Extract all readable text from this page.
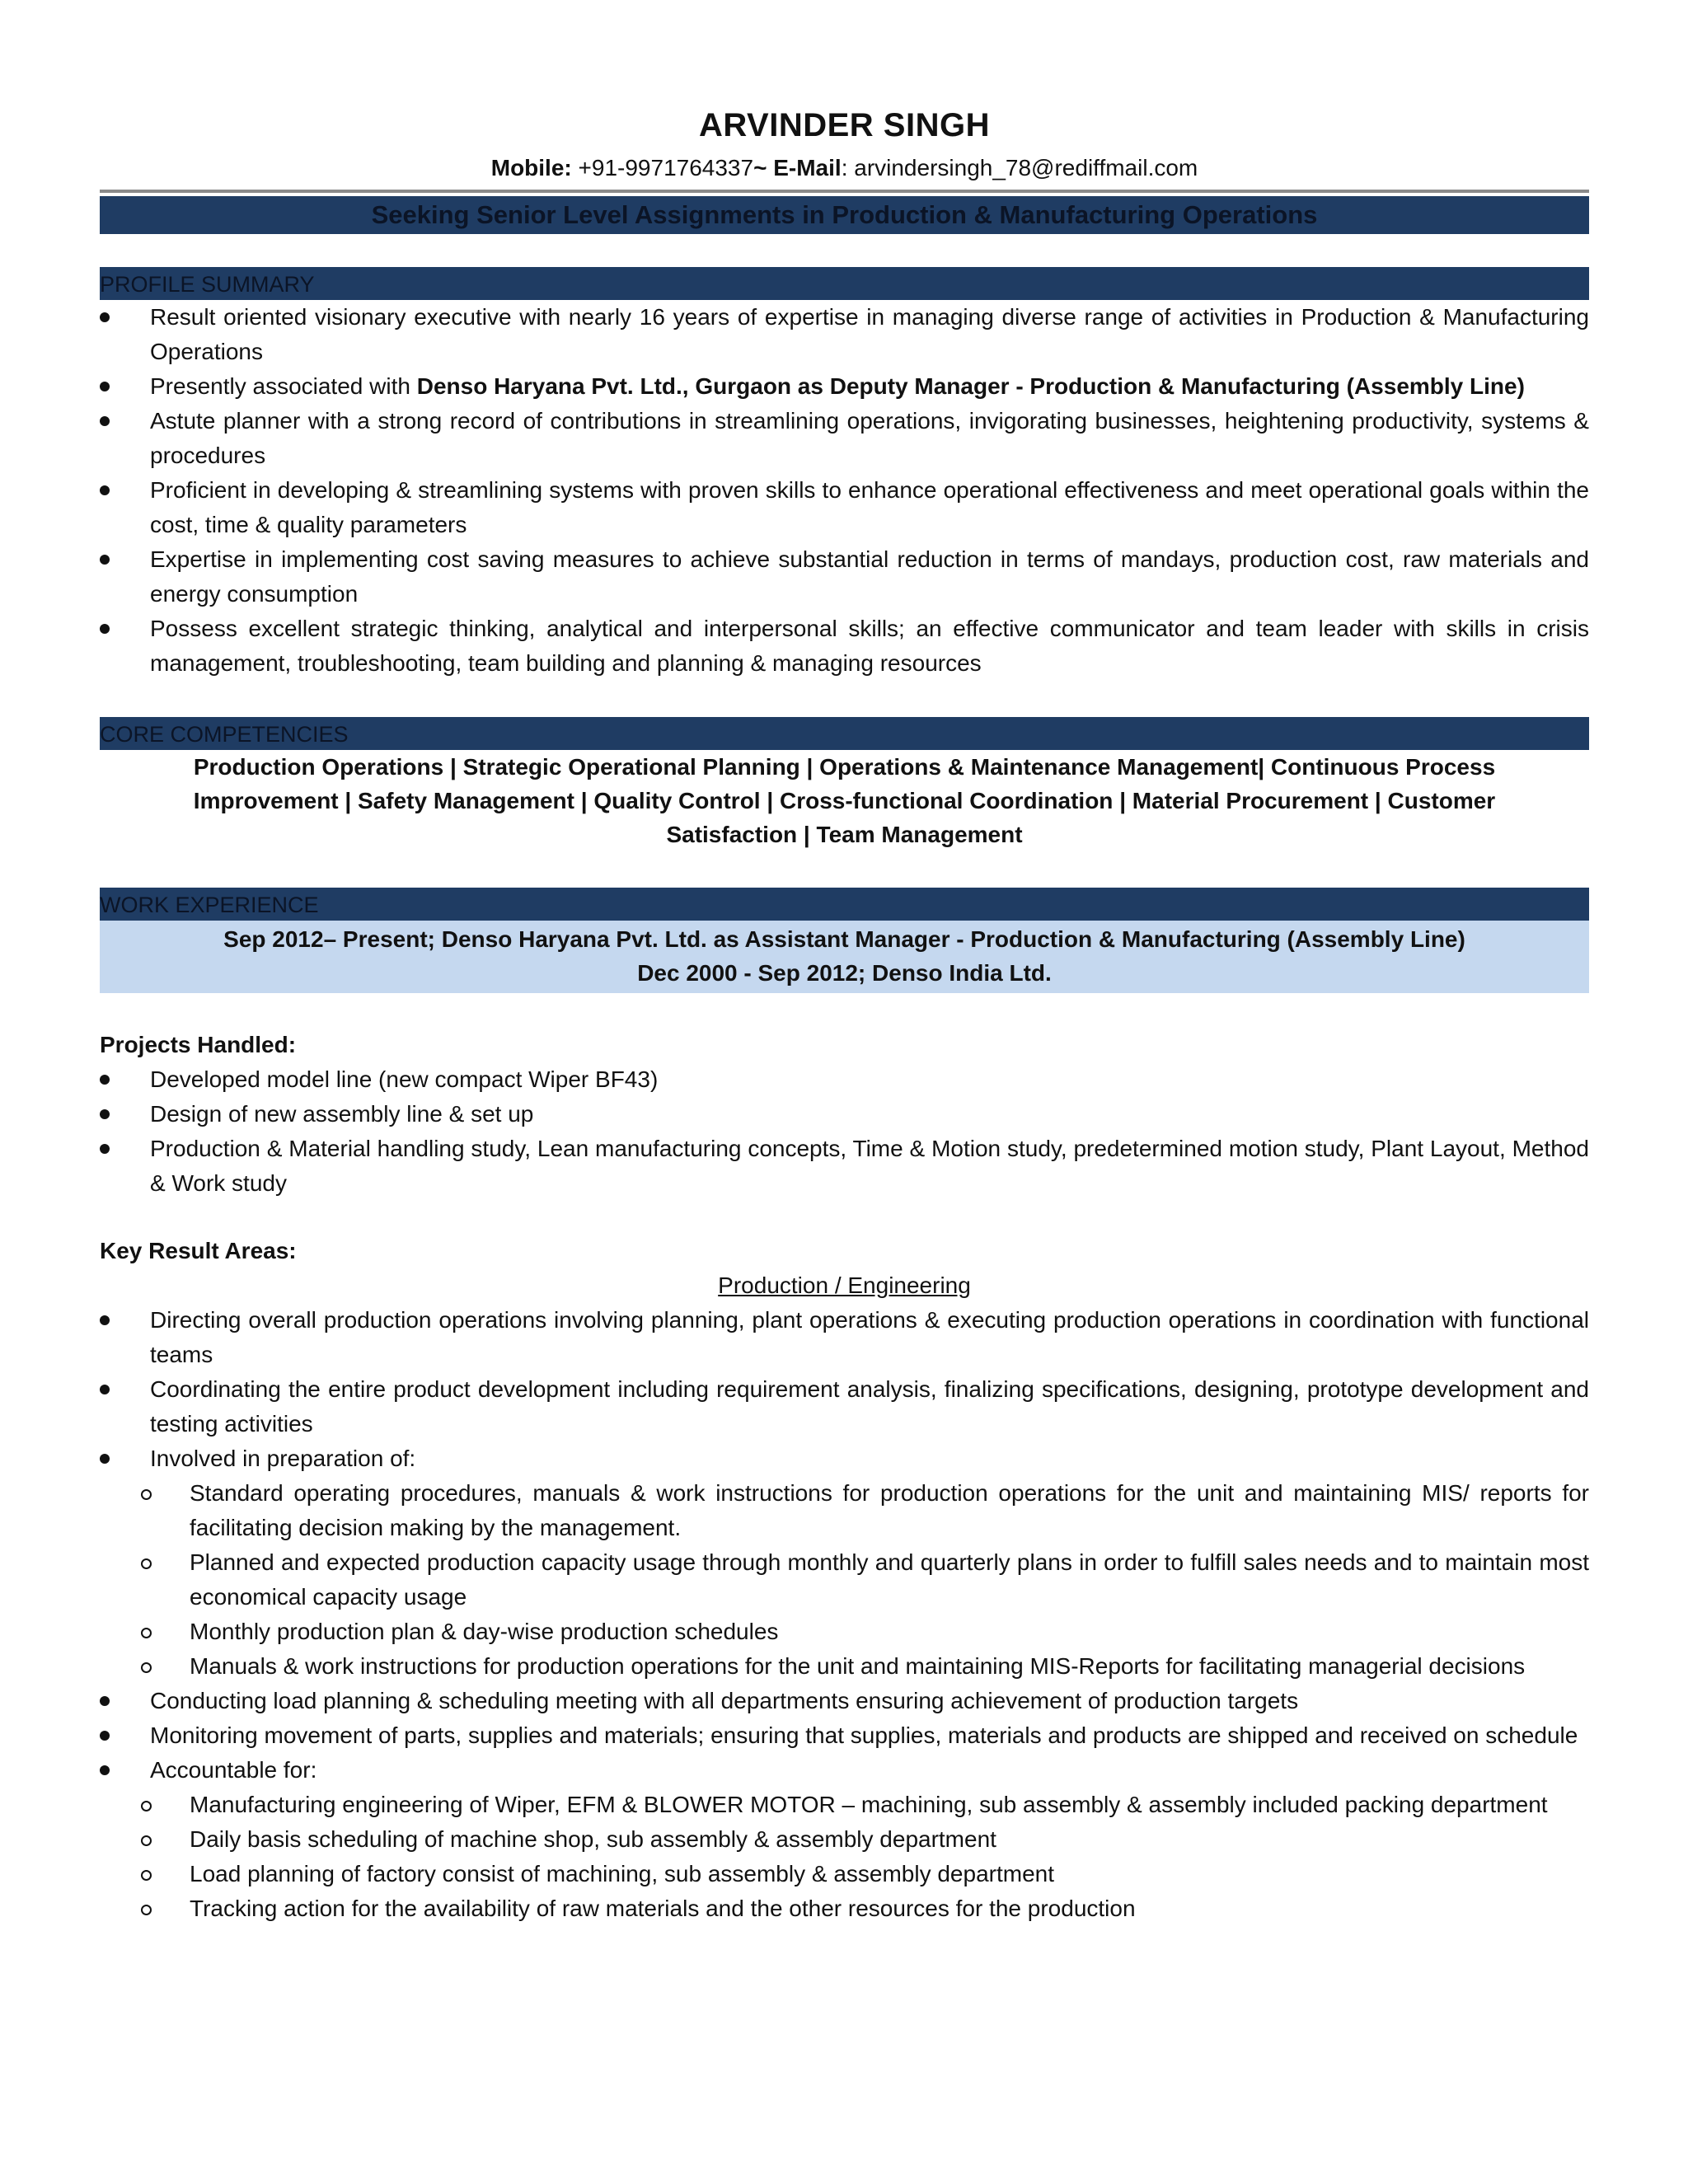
ARVINDER SINGH
Mobile: +91-9971764337~ E-Mail: arvindersingh_78@rediffmail.com
Seeking Senior Level Assignments in Production & Manufacturing Operations
PROFILE SUMMARY
Result oriented visionary executive with nearly 16 years of expertise in managing diverse range of activities in Production & Manufacturing Operations
Presently associated with Denso Haryana Pvt. Ltd., Gurgaon as Deputy Manager - Production & Manufacturing (Assembly Line)
Astute planner with a strong record of contributions in streamlining operations, invigorating businesses, heightening productivity, systems & procedures
Proficient in developing & streamlining systems with proven skills to enhance operational effectiveness and meet operational goals within the cost, time & quality parameters
Expertise in implementing cost saving measures to achieve substantial reduction in terms of mandays, production cost, raw materials and energy consumption
Possess excellent strategic thinking, analytical and interpersonal skills; an effective communicator and team leader with skills in crisis management, troubleshooting, team building and planning & managing resources
CORE COMPETENCIES
Production Operations | Strategic Operational Planning | Operations & Maintenance Management| Continuous Process Improvement | Safety Management | Quality Control | Cross-functional Coordination | Material Procurement | Customer Satisfaction | Team Management
WORK EXPERIENCE
Sep 2012– Present; Denso Haryana Pvt. Ltd. as Assistant Manager - Production & Manufacturing (Assembly Line)
Dec 2000 - Sep 2012; Denso India Ltd.
Projects Handled:
Developed model line (new compact Wiper BF43)
Design of new assembly line & set up
Production & Material handling study, Lean manufacturing concepts, Time & Motion study, predetermined motion study, Plant Layout, Method & Work study
Key Result Areas:
Production / Engineering
Directing overall production operations involving planning, plant operations & executing production operations in coordination with functional teams
Coordinating the entire product development including requirement analysis, finalizing specifications, designing, prototype development and testing activities
Involved in preparation of:
Standard operating procedures, manuals & work instructions for production operations for the unit and maintaining MIS/ reports for facilitating decision making by the management.
Planned and expected production capacity usage through monthly and quarterly plans in order to fulfill sales needs and to maintain most economical capacity usage
Monthly production plan & day-wise production schedules
Manuals & work instructions for production operations for the unit and maintaining MIS-Reports for facilitating managerial decisions
Conducting load planning & scheduling meeting with all departments ensuring achievement of production targets
Monitoring movement of parts, supplies and materials; ensuring that supplies, materials and products are shipped and received on schedule
Accountable for:
Manufacturing engineering of Wiper, EFM & BLOWER MOTOR – machining, sub assembly & assembly included packing department
Daily basis scheduling of machine shop, sub assembly & assembly department
Load planning of factory consist of machining, sub assembly & assembly department
Tracking action for the availability of raw materials and the other resources for the production
